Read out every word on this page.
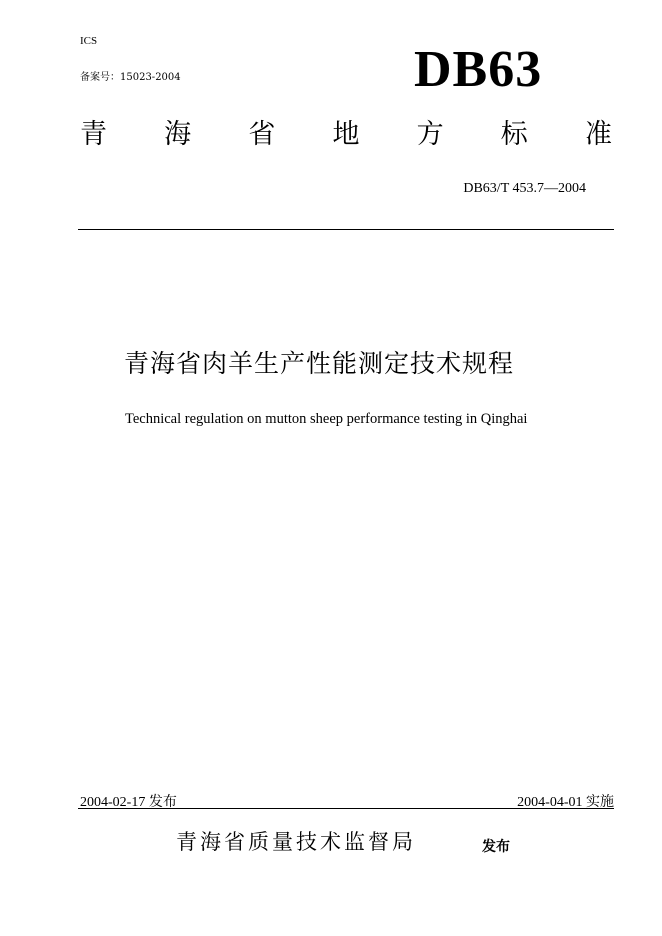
ICS
备案号：15023-2004	DB63
青 海 省 地 方 标 准
DB63/T 453.7—2004
青海省肉羊生产性能测定技术规程
Technical regulation on mutton sheep performance testing in Qinghai
2004-02-17 发布	2004-04-01 实施
青海省质量技术监督局	发布
